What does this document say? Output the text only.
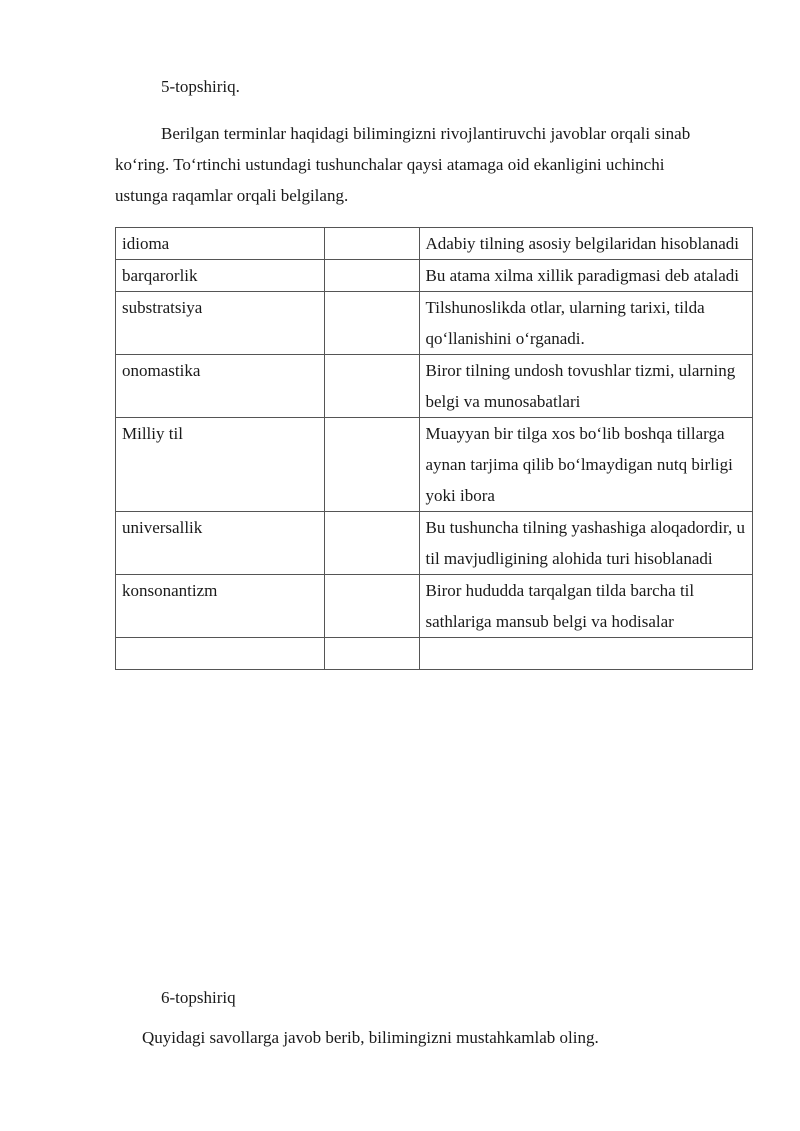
5-topshiriq.
Berilgan terminlar haqidagi bilimingizni rivojlantiruvchi javoblar orqali sinab ko‘ring. To‘rtinchi ustundagi tushunchalar qaysi atamaga oid ekanligini uchinchi ustunga raqamlar orqali belgilang.
idioma		Adabiy tilning asosiy belgilaridan hisoblanadi
barqarorlik		Bu atama xilma xillik paradigmasi deb ataladi
substratsiya		Tilshunoslikda otlar, ularning tarixi, tilda qo‘llanishini o‘rganadi.
onomastika		Biror tilning undosh tovushlar tizmi, ularning belgi va munosabatlari
Milliy til		Muayyan bir tilga xos bo‘lib boshqa tillarga aynan tarjima qilib bo‘lmaydigan nutq birligi yoki ibora
universallik		Bu tushuncha tilning yashashiga aloqadordir, u til mavjudligining alohida turi hisoblanadi
konsonantizm		Biror hududda tarqalgan tilda barcha til sathlariga mansub belgi va hodisalar

6-topshiriq
Quyidagi savollarga javob berib, bilimingizni mustahkamlab oling.
